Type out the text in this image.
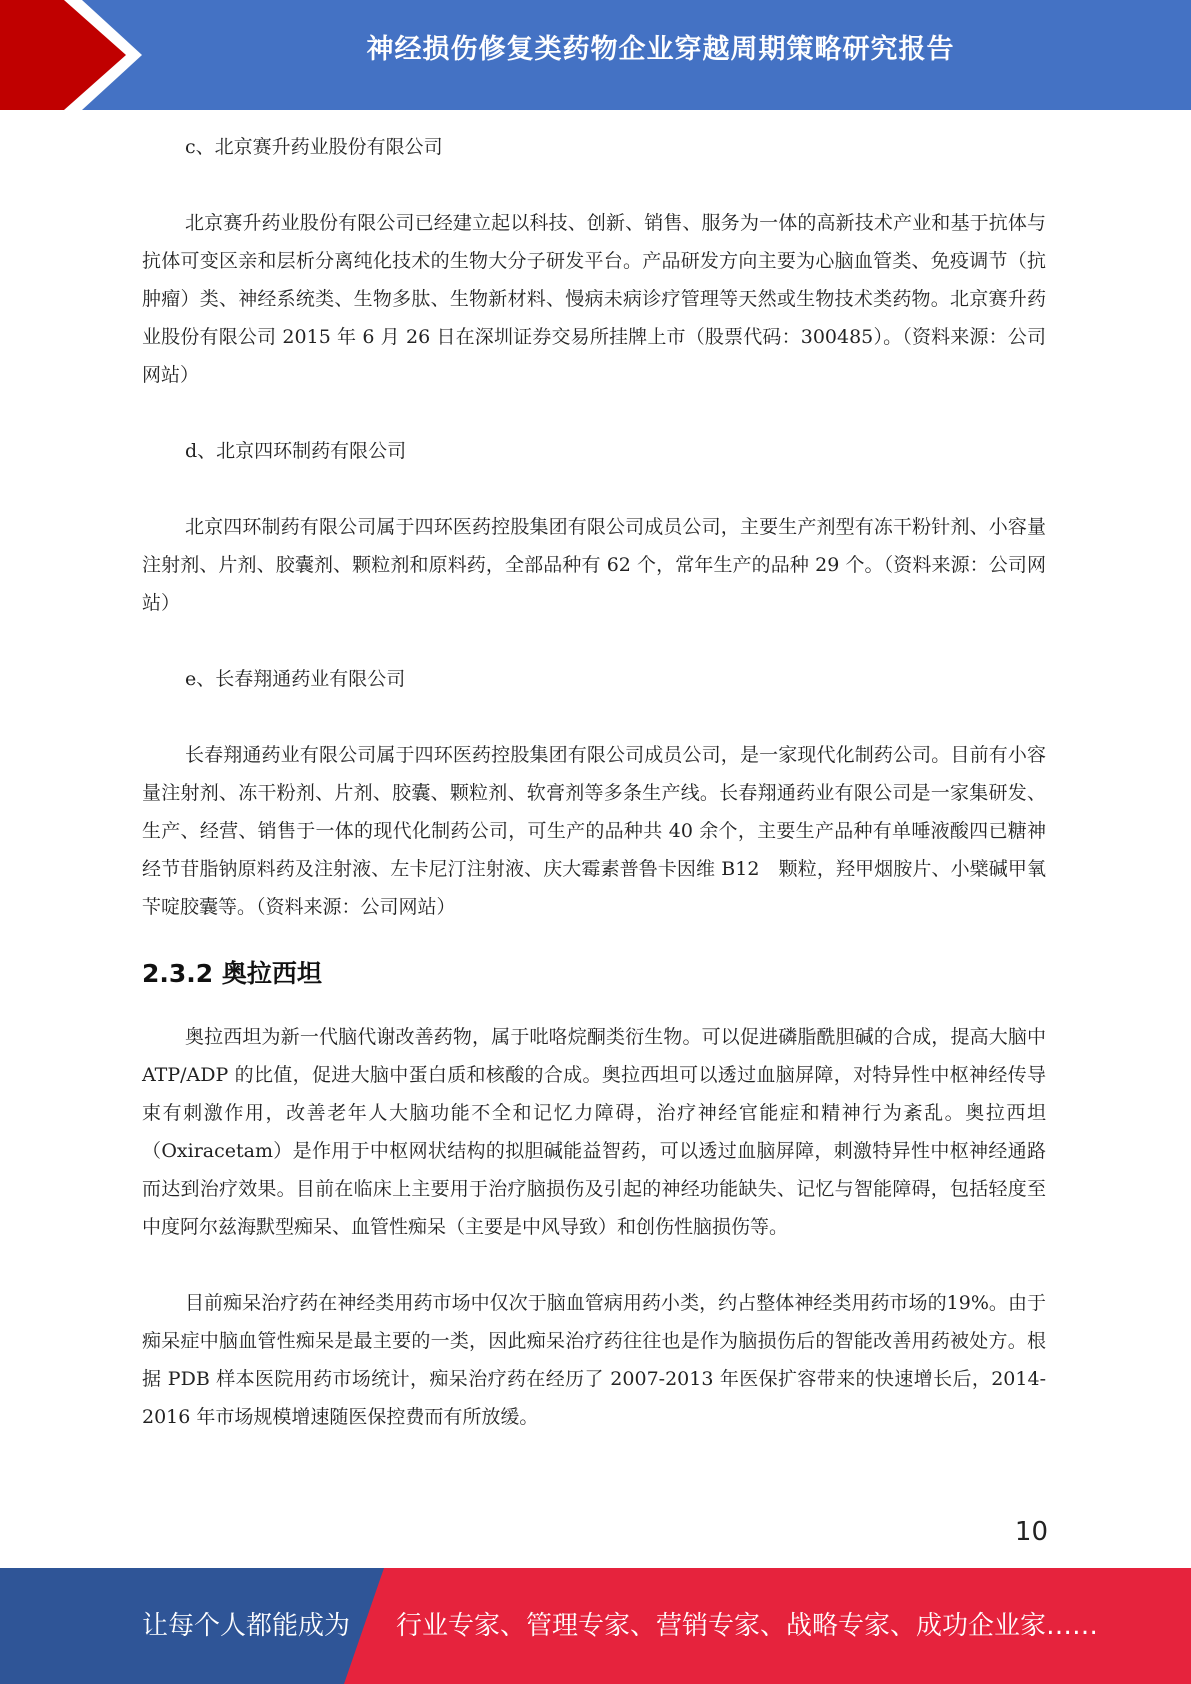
神经损伤修复类药物企业穿越周期策略研究报告

c、北京赛升药业股份有限公司

北京赛升药业股份有限公司已经建立起以科技、创新、销售、服务为一体的高新技术产业和基于抗体与抗体可变区亲和层析分离纯化技术的生物大分子研发平台。产品研发方向主要为心脑血管类、免疫调节（抗肿瘤）类、神经系统类、生物多肽、生物新材料、慢病未病诊疗管理等天然或生物技术类药物。北京赛升药业股份有限公司 2015 年 6 月 26 日在深圳证券交易所挂牌上市（股票代码：300485）。（资料来源：公司网站）

d、北京四环制药有限公司

北京四环制药有限公司属于四环医药控股集团有限公司成员公司，主要生产剂型有冻干粉针剂、小容量注射剂、片剂、胶囊剂、颗粒剂和原料药，全部品种有 62 个，常年生产的品种 29 个。（资料来源：公司网站）

e、长春翔通药业有限公司

长春翔通药业有限公司属于四环医药控股集团有限公司成员公司，是一家现代化制药公司。目前有小容量注射剂、冻干粉剂、片剂、胶囊、颗粒剂、软膏剂等多条生产线。长春翔通药业有限公司是一家集研发、生产、经营、销售于一体的现代化制药公司，可生产的品种共 40 余个，主要生产品种有单唾液酸四已糖神经节苷脂钠原料药及注射液、左卡尼汀注射液、庆大霉素普鲁卡因维 B12　颗粒，羟甲烟胺片、小檗碱甲氧苄啶胶囊等。（资料来源：公司网站）

2.3.2 奥拉西坦

奥拉西坦为新一代脑代谢改善药物，属于吡咯烷酮类衍生物。可以促进磷脂酰胆碱的合成，提高大脑中 ATP/ADP 的比值，促进大脑中蛋白质和核酸的合成。奥拉西坦可以透过血脑屏障，对特异性中枢神经传导束有刺激作用，改善老年人大脑功能不全和记忆力障碍，治疗神经官能症和精神行为紊乱。奥拉西坦（Oxiracetam）是作用于中枢网状结构的拟胆碱能益智药，可以透过血脑屏障，刺激特异性中枢神经通路而达到治疗效果。目前在临床上主要用于治疗脑损伤及引起的神经功能缺失、记忆与智能障碍，包括轻度至中度阿尔兹海默型痴呆、血管性痴呆（主要是中风导致）和创伤性脑损伤等。

目前痴呆治疗药在神经类用药市场中仅次于脑血管病用药小类，约占整体神经类用药市场的19%。由于痴呆症中脑血管性痴呆是最主要的一类，因此痴呆治疗药往往也是作为脑损伤后的智能改善用药被处方。根据 PDB 样本医院用药市场统计，痴呆治疗药在经历了 2007-2013 年医保扩容带来的快速增长后，2014-2016 年市场规模增速随医保控费而有所放缓。

10
让每个人都能成为 行业专家、管理专家、营销专家、战略专家、成功企业家……
